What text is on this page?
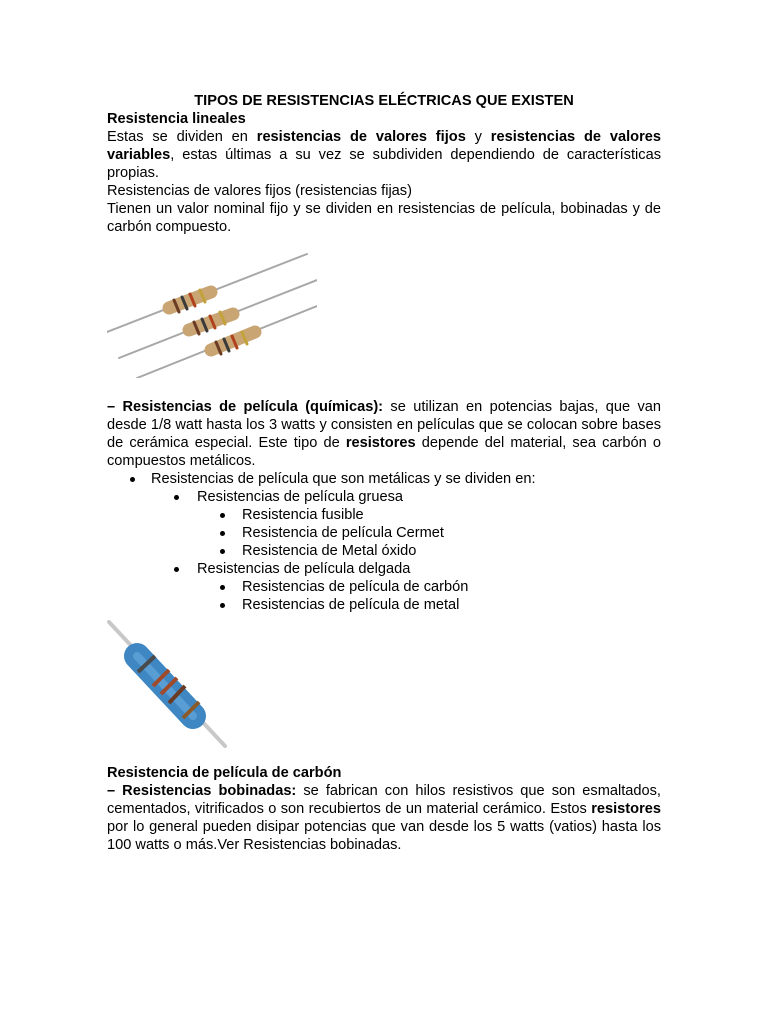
TIPOS DE RESISTENCIAS ELÉCTRICAS QUE EXISTEN

Resistencia lineales

Estas se dividen en resistencias de valores fijos y resistencias de valores variables, estas últimas a su vez se subdividen dependiendo de características propias.

Resistencias de valores fijos (resistencias fijas)

Tienen un valor nominal fijo y se dividen en resistencias de película, bobinadas y de carbón compuesto.

– Resistencias de película (químicas): se utilizan en potencias bajas, que van desde 1/8 watt hasta los 3 watts y consisten en películas que se colocan sobre bases de cerámica especial. Este tipo de resistores depende del material, sea carbón o compuestos metálicos.

Resistencias de película que son metálicas y se dividen en:
Resistencias de película gruesa
Resistencia fusible
Resistencia de película Cermet
Resistencia de Metal óxido
Resistencias de película delgada
Resistencias de película de carbón
Resistencias de película de metal

Resistencia de película de carbón

– Resistencias bobinadas: se fabrican con hilos resistivos que son esmaltados, cementados, vitrificados o son recubiertos de un material cerámico. Estos resistores por lo general pueden disipar potencias que van desde los 5 watts (vatios) hasta los 100 watts o más.Ver Resistencias bobinadas.
